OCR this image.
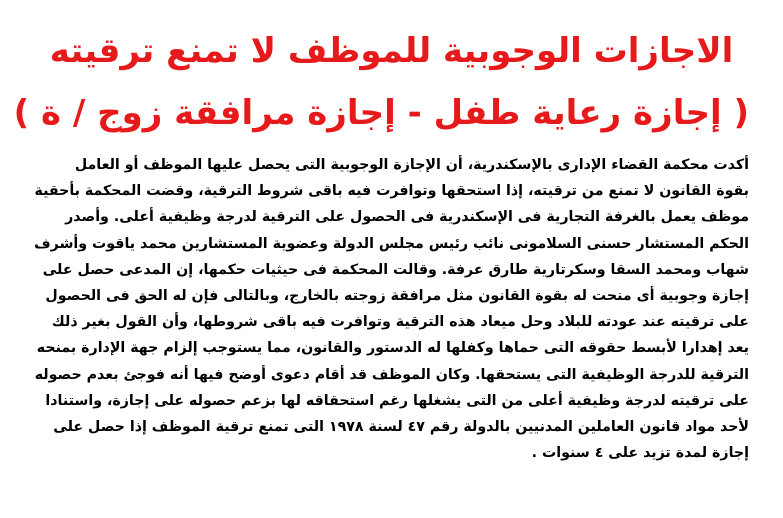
الاجازات الوجوبية للموظف لا تمنع ترقيته
( إجازة رعاية طفل - إجازة مرافقة زوج / ة )
أكدت محكمة القضاء الإدارى بالإسكندرية، أن الإجازة الوجوبية التى يحصل عليها الموظف أو العامل
بقوة القانون لا تمنع من ترقيته، إذا استحقها وتوافرت فيه باقى شروط الترقية، وقضت المحكمة بأحقية
موظف يعمل بالغرفة التجارية فى الإسكندرية فى الحصول على الترقية لدرجة وظيفية أعلى. وأصدر
الحكم المستشار حسنى السلامونى نائب رئيس مجلس الدولة وعضوية المستشارين محمد ياقوت وأشرف
شهاب ومحمد السقا وسكرتارية طارق عرفة. وقالت المحكمة فى حيثيات حكمها، إن المدعى حصل على
إجازة وجوبية أى منحت له بقوة القانون مثل مرافقة زوجته بالخارج، وبالتالى فإن له الحق فى الحصول
على ترقيته عند عودته للبلاد وحل ميعاد هذه الترقية وتوافرت فيه باقى شروطها، وأن القول بغير ذلك
يعد إهدارا لأبسط حقوقه التى حماها وكفلها له الدستور والقانون، مما يستوجب إلزام جهة الإدارة بمنحه
الترقية للدرجة الوظيفية التى يستحقها. وكان الموظف قد أقام دعوى أوضح فيها أنه فوجئ بعدم حصوله
على ترقيته لدرجة وظيفية أعلى من التى يشغلها رغم استحقاقه لها بزعم حصوله على إجازة، واستنادا
لأحد مواد قانون العاملين المدنيين بالدولة رقم ٤٧ لسنة ١٩٧٨ التى تمنع ترقية الموظف إذا حصل على
إجازة لمدة تزيد على ٤ سنوات .
